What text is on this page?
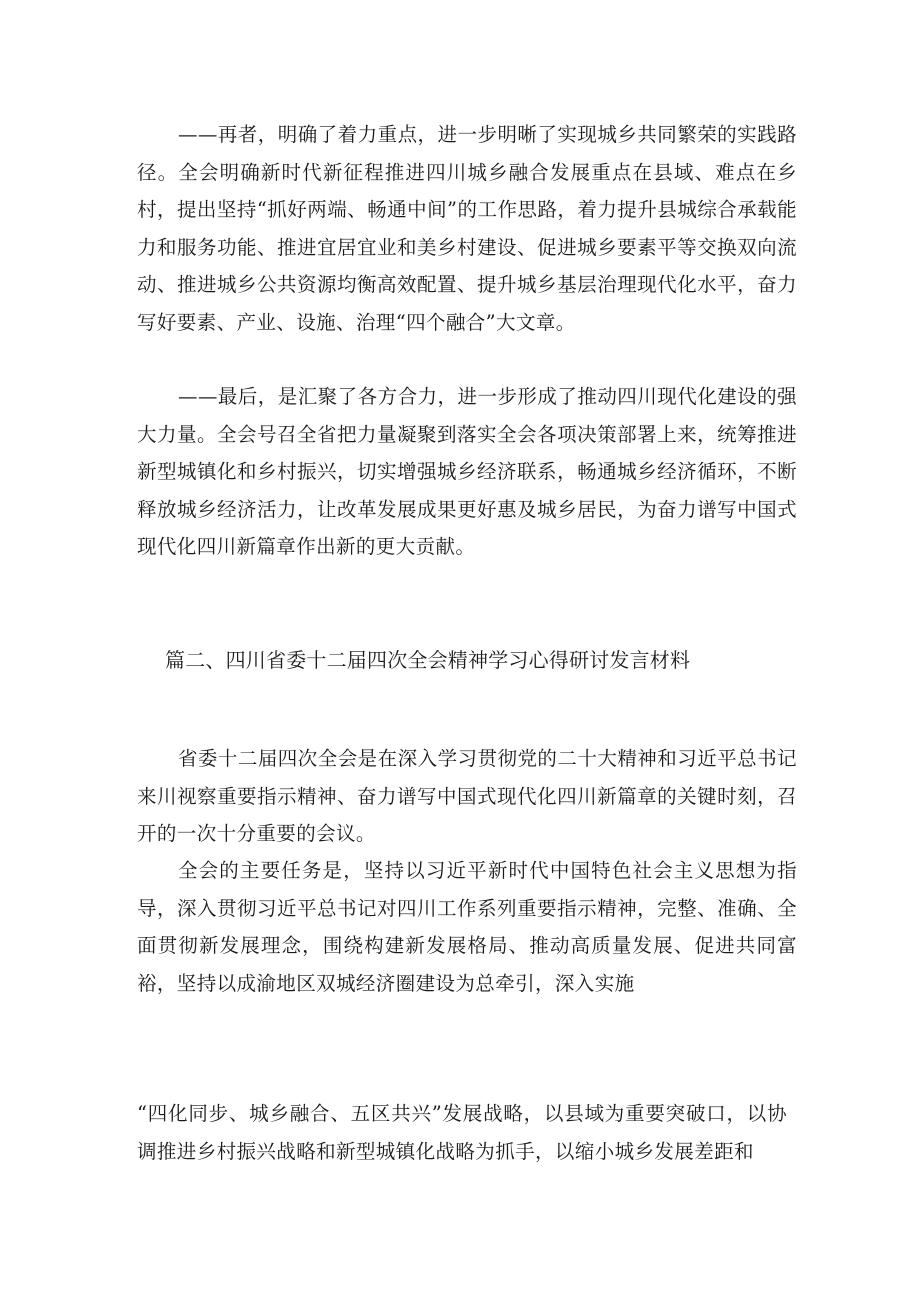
——再者，明确了着力重点，进一步明晰了实现城乡共同繁荣的实践路径。全会明确新时代新征程推进四川城乡融合发展重点在县域、难点在乡村，提出坚持“抓好两端、畅通中间”的工作思路，着力提升县城综合承载能力和服务功能、推进宜居宜业和美乡村建设、促进城乡要素平等交换双向流动、推进城乡公共资源均衡高效配置、提升城乡基层治理现代化水平，奋力写好要素、产业、设施、治理“四个融合”大文章。

——最后，是汇聚了各方合力，进一步形成了推动四川现代化建设的强大力量。全会号召全省把力量凝聚到落实全会各项决策部署上来，统筹推进新型城镇化和乡村振兴，切实增强城乡经济联系，畅通城乡经济循环，不断释放城乡经济活力，让改革发展成果更好惠及城乡居民，为奋力谱写中国式现代化四川新篇章作出新的更大贡献。

篇二、四川省委十二届四次全会精神学习心得研讨发言材料

省委十二届四次全会是在深入学习贯彻党的二十大精神和习近平总书记来川视察重要指示精神、奋力谱写中国式现代化四川新篇章的关键时刻，召开的一次十分重要的会议。

全会的主要任务是，坚持以习近平新时代中国特色社会主义思想为指导，深入贯彻习近平总书记对四川工作系列重要指示精神，完整、准确、全面贯彻新发展理念，围绕构建新发展格局、推动高质量发展、促进共同富裕，坚持以成渝地区双城经济圈建设为总牵引，深入实施

“四化同步、城乡融合、五区共兴”发展战略，以县域为重要突破口，以协调推进乡村振兴战略和新型城镇化战略为抓手，以缩小城乡发展差距和
